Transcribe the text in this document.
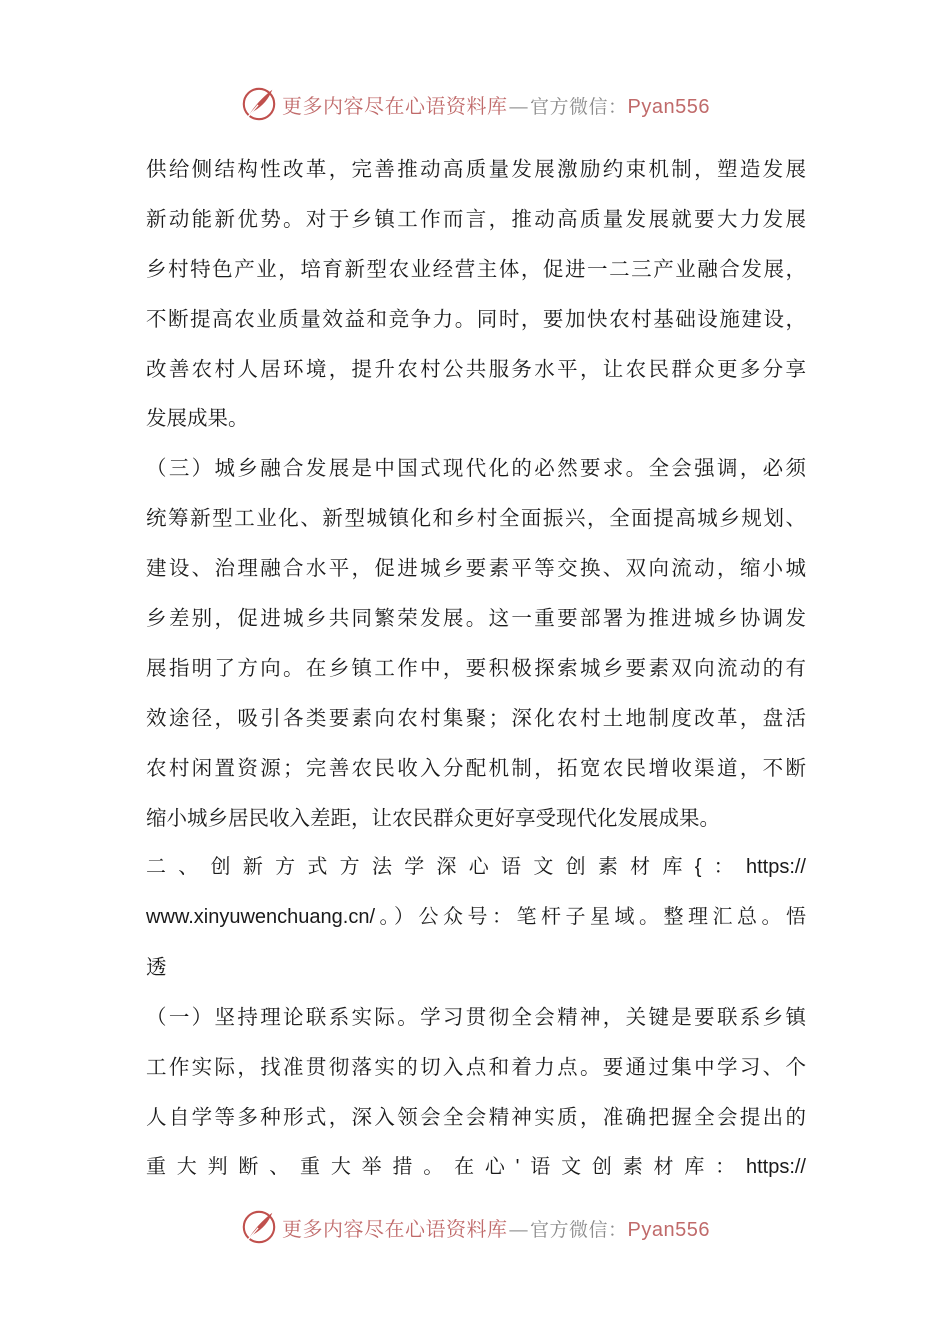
更多内容尽在心语资料库—官方微信：Pyan556
供给侧结构性改革，完善推动高质量发展激励约束机制，塑造发展
新动能新优势。对于乡镇工作而言，推动高质量发展就要大力发展
乡村特色产业，培育新型农业经营主体，促进一二三产业融合发展，
不断提高农业质量效益和竞争力。同时，要加快农村基础设施建设，
改善农村人居环境，提升农村公共服务水平，让农民群众更多分享
发展成果。
（三）城乡融合发展是中国式现代化的必然要求。全会强调，必须
统筹新型工业化、新型城镇化和乡村全面振兴，全面提高城乡规划、
建设、治理融合水平，促进城乡要素平等交换、双向流动，缩小城
乡差别，促进城乡共同繁荣发展。这一重要部署为推进城乡协调发
展指明了方向。在乡镇工作中，要积极探索城乡要素双向流动的有
效途径，吸引各类要素向农村集聚；深化农村土地制度改革，盘活
农村闲置资源；完善农民收入分配机制，拓宽农民增收渠道，不断
缩小城乡居民收入差距，让农民群众更好享受现代化发展成果。
二、创新方式方法学深心语文创素材库{：https://
www.xinyuwenchuang.cn/。）公众号：笔杆子星域。整理汇总。悟
透
（一）坚持理论联系实际。学习贯彻全会精神，关键是要联系乡镇
工作实际，找准贯彻落实的切入点和着力点。要通过集中学习、个
人自学等多种形式，深入领会全会精神实质，准确把握全会提出的
重大判断、重大举措。在心'语文创素材库：https://
更多内容尽在心语资料库—官方微信：Pyan556
